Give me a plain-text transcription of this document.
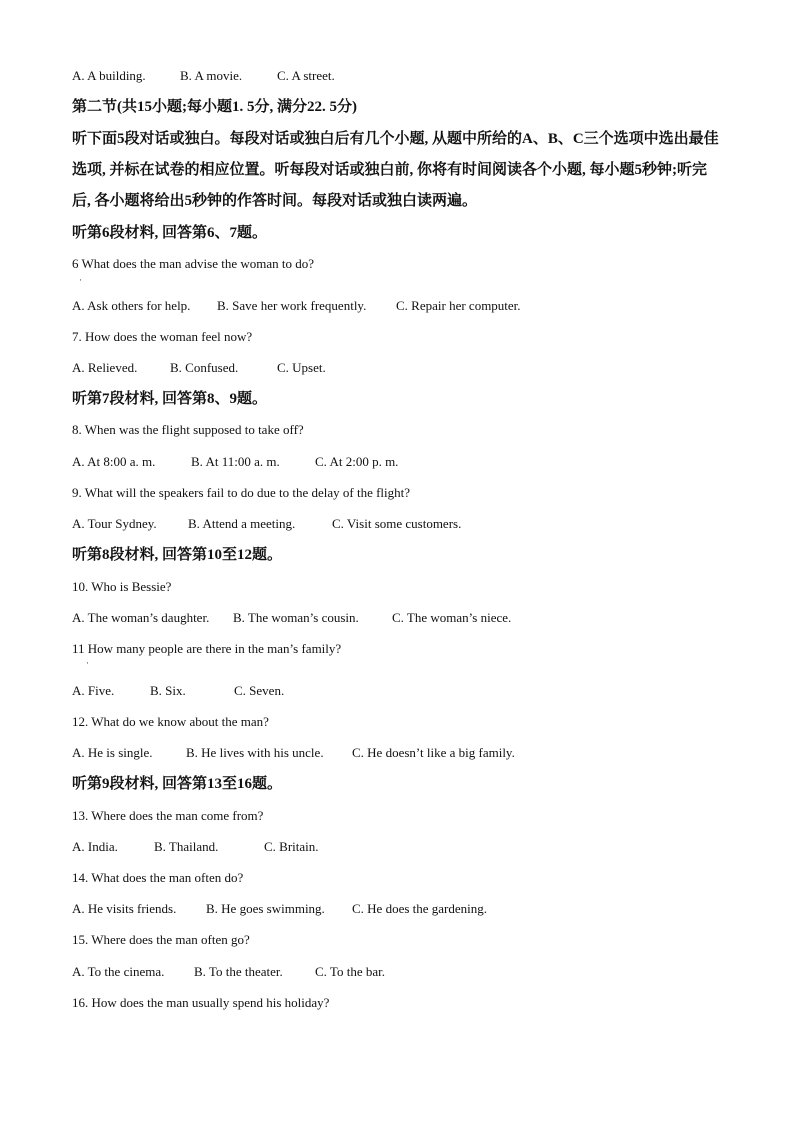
A. A building.	B. A movie.	C. A street.
第二节(共15小题;每小题1. 5分, 满分22. 5分)
听下面5段对话或独白。每段对话或独白后有几个小题, 从题中所给的A、B、C三个选项中选出最佳选项, 并标在试卷的相应位置。听每段对话或独白前, 你将有时间阅读各个小题, 每小题5秒钟;听完后, 各小题将给出5秒钟的作答时间。每段对话或独白读两遍。
听第6段材料, 回答第6、7题。
6 What does the man advise the woman to do?
·
A. Ask others for help. B. Save her work frequently. C. Repair her computer.
7. How does the woman feel now?
A. Relieved.	B. Confused.	C. Upset.
听第7段材料, 回答第8、9题。
8. When was the flight supposed to take off?
A. At 8:00 a. m.	B. At 11:00 a. m.	C. At 2:00 p. m.
9. What will the speakers fail to do due to the delay of the flight?
A. Tour Sydney. B. Attend a meeting.	C. Visit some customers.
听第8段材料, 回答第10至12题。
10. Who is Bessie?
A. The woman’s daughter. B. The woman’s cousin.	C. The woman’s niece.
11 How many people are there in the man’s family?
·
A. Five.	B. Six.	C. Seven.
12. What do we know about the man?
A. He is single.	B. He lives with his uncle. C. He doesn’t like a big family.
听第9段材料, 回答第13至16题。
13. Where does the man come from?
A. India.	B. Thailand.	C. Britain.
14. What does the man often do?
A. He visits friends. B. He goes swimming. C. He does the gardening.
15. Where does the man often go?
A. To the cinema. B. To the theater. C. To the bar.
16. How does the man usually spend his holiday?
